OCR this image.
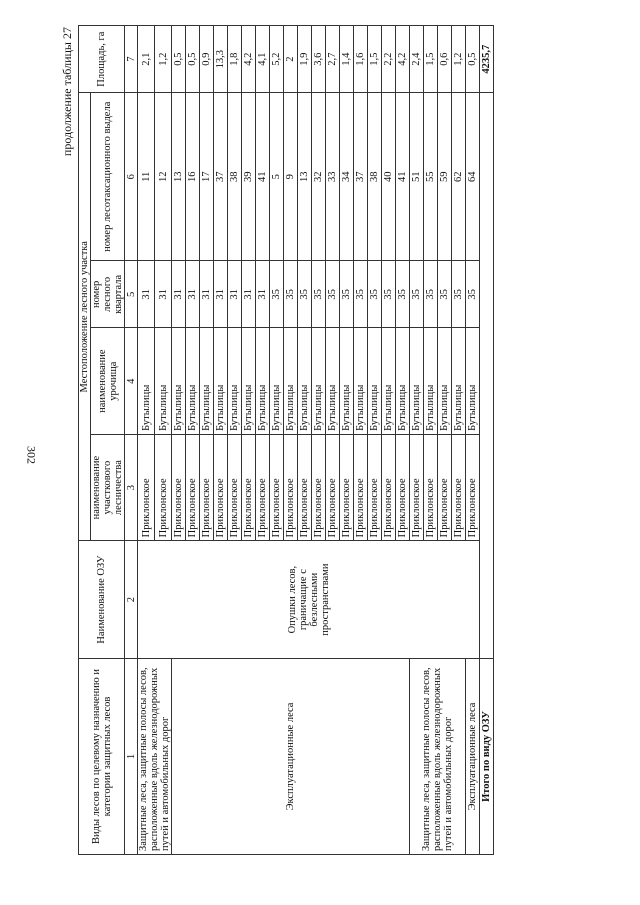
302
продолжение таблицы 27
Виды лесов по целевому назначению и категории защитных лесов	Наименование ОЗУ	Местоположение лесного участка				Площадь, га
		наименование участкового лесничества	наименование урочища	номер лесного квартала	номер лесотаксационного выдела	
1	2	3	4	5	6	7
Защитные леса, защитные полосы лесов, расположенные вдоль железнодорожных путей и автомобильных дорог	Опушки лесов, граничащие с безлесными пространствами	Приклонское	Бутылицы	31	11	2,1
		Приклонское	Бутылицы	31	12	1,2
Эксплуатационные леса		Приклонское	Бутылицы	31	13	0,5
		Приклонское	Бутылицы	31	16	0,5
		Приклонское	Бутылицы	31	17	0,9
		Приклонское	Бутылицы	31	37	13,3
		Приклонское	Бутылицы	31	38	1,8
		Приклонское	Бутылицы	31	39	4,2
		Приклонское	Бутылицы	31	41	4,1
		Приклонское	Бутылицы	35	5	5,2
		Приклонское	Бутылицы	35	9	2
		Приклонское	Бутылицы	35	13	1,9
		Приклонское	Бутылицы	35	32	3,6
		Приклонское	Бутылицы	35	33	2,7
		Приклонское	Бутылицы	35	34	1,4
		Приклонское	Бутылицы	35	37	1,6
		Приклонское	Бутылицы	35	38	1,5
		Приклонское	Бутылицы	35	40	2,2
		Приклонское	Бутылицы	35	41	4,2
Защитные леса, защитные полосы лесов, расположенные вдоль железнодорожных путей и автомобильных дорог		Приклонское	Бутылицы	35	51	2,4
		Приклонское	Бутылицы	35	55	1,5
		Приклонское	Бутылицы	35	59	0,6
		Приклонское	Бутылицы	35	62	1,2
Эксплуатационные леса		Приклонское	Бутылицы	35	64	0,5
Итого по виду ОЗУ						4235,7
